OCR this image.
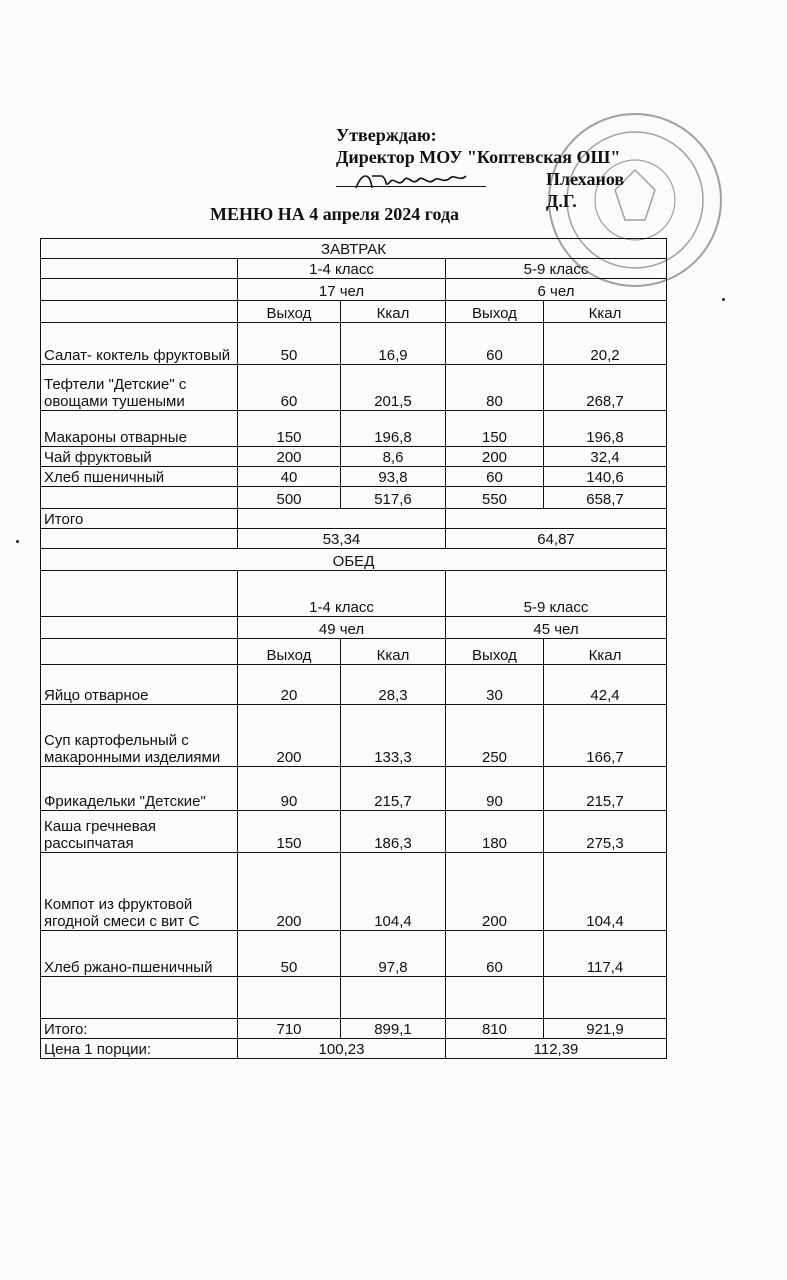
Утверждаю:
Директор МОУ "Коптевская ОШ"
Плеханов Д.Г.
МЕНЮ НА 4 апреля 2024 года
ЗАВТРАК				
	1-4 класс		5-9 класс	
	17 чел		6 чел	
	Выход	Ккал	Выход	Ккал
Салат- коктель фруктовый	50	16,9	60	20,2
Тефтели "Детские" с овощами тушеными	60	201,5	80	268,7
Макароны отварные	150	196,8	150	196,8
Чай фруктовый	200	8,6	200	32,4
Хлеб пшеничный	40	93,8	60	140,6
	500	517,6	550	658,7
Итого				
	53,34		64,87	
ОБЕД				
	1-4 класс		5-9 класс	
	49 чел		45 чел	
	Выход	Ккал	Выход	Ккал
Яйцо отварное	20	28,3	30	42,4
Суп картофельный с макаронными изделиями	200	133,3	250	166,7
Фрикадельки "Детские"	90	215,7	90	215,7
Каша гречневая рассыпчатая	150	186,3	180	275,3
Компот из фруктовой ягодной смеси с вит С	200	104,4	200	104,4
Хлеб ржано-пшеничный	50	97,8	60	117,4

Итого:	710	899,1	810	921,9
Цена 1 порции:	100,23		112,39	
